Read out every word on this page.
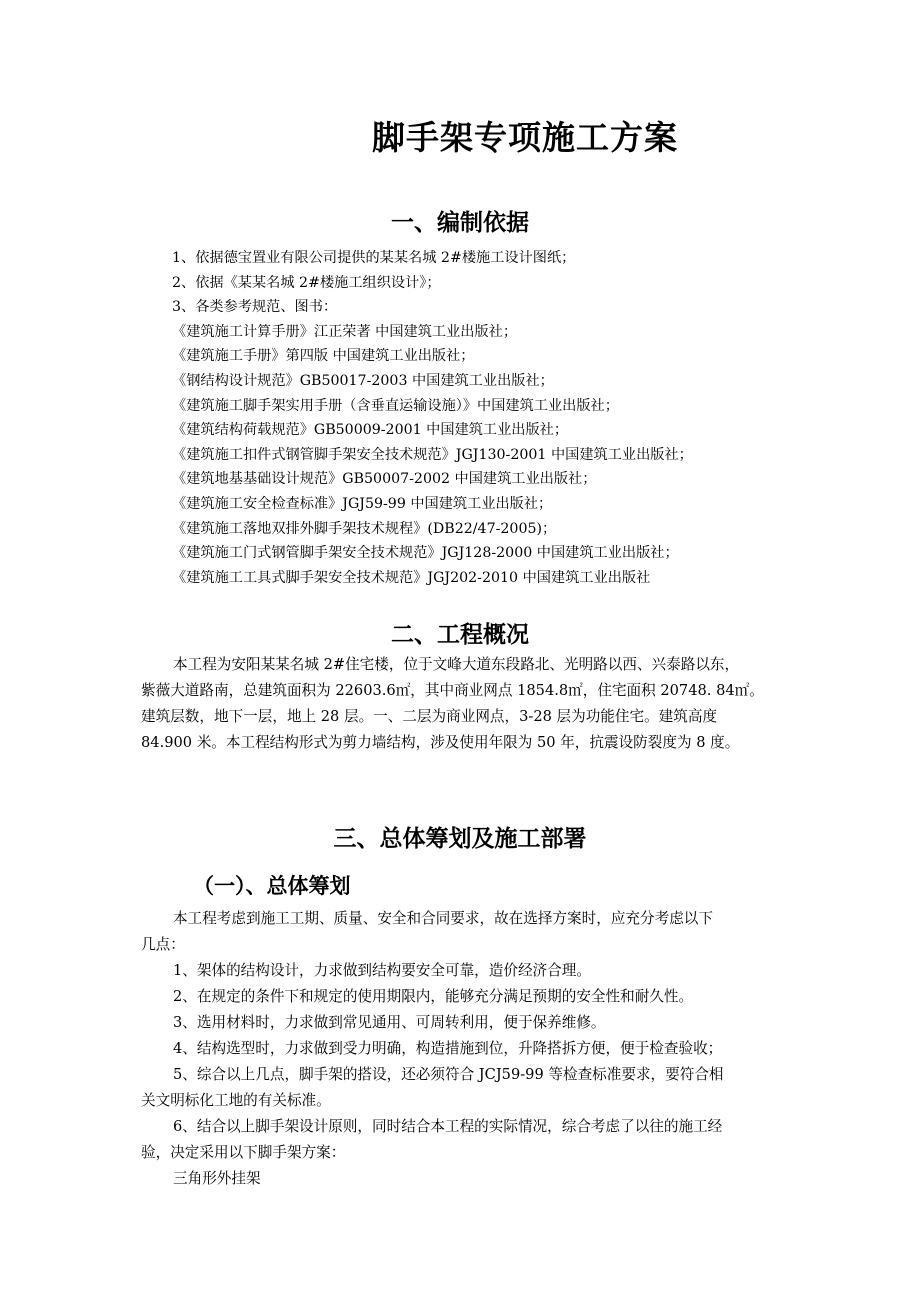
脚手架专项施工方案
一、编制依据
1、依据德宝置业有限公司提供的某某名城 2#楼施工设计图纸；
2、依据《某某名城 2#楼施工组织设计》；
3、各类参考规范、图书：
《建筑施工计算手册》江正荣著 中国建筑工业出版社；
《建筑施工手册》第四版 中国建筑工业出版社；
《钢结构设计规范》GB50017-2003 中国建筑工业出版社；
《建筑施工脚手架实用手册（含垂直运输设施）》中国建筑工业出版社；
《建筑结构荷载规范》GB50009-2001 中国建筑工业出版社；
《建筑施工扣件式钢管脚手架安全技术规范》JGJ130-2001 中国建筑工业出版社；
《建筑地基基础设计规范》GB50007-2002 中国建筑工业出版社；
《建筑施工安全检查标准》JGJ59-99 中国建筑工业出版社；
《建筑施工落地双排外脚手架技术规程》(DB22/47-2005)；
《建筑施工门式钢管脚手架安全技术规范》JGJ128-2000 中国建筑工业出版社；
《建筑施工工具式脚手架安全技术规范》JGJ202-2010 中国建筑工业出版社
二、工程概况
本工程为安阳某某名城 2#住宅楼，位于文峰大道东段路北、光明路以西、兴泰路以东，
紫薇大道路南，总建筑面积为 22603.6㎡，其中商业网点 1854.8㎡，住宅面积 20748. 84㎡。
建筑层数，地下一层，地上 28 层。一、二层为商业网点，3-28 层为功能住宅。建筑高度
84.900 米。本工程结构形式为剪力墙结构，涉及使用年限为 50 年，抗震设防裂度为 8 度。
三、总体筹划及施工部署
（一）、总体筹划
本工程考虑到施工工期、质量、安全和合同要求，故在选择方案时，应充分考虑以下
几点：
1、架体的结构设计，力求做到结构要安全可靠，造价经济合理。
2、在规定的条件下和规定的使用期限内，能够充分满足预期的安全性和耐久性。
3、选用材料时，力求做到常见通用、可周转利用，便于保养维修。
4、结构选型时，力求做到受力明确，构造措施到位，升降搭拆方便，便于检查验收；
5、综合以上几点，脚手架的搭设，还必须符合 JCJ59-99 等检查标准要求，要符合相
关文明标化工地的有关标准。
6、结合以上脚手架设计原则，同时结合本工程的实际情况，综合考虑了以往的施工经
验，决定采用以下脚手架方案：
三角形外挂架
